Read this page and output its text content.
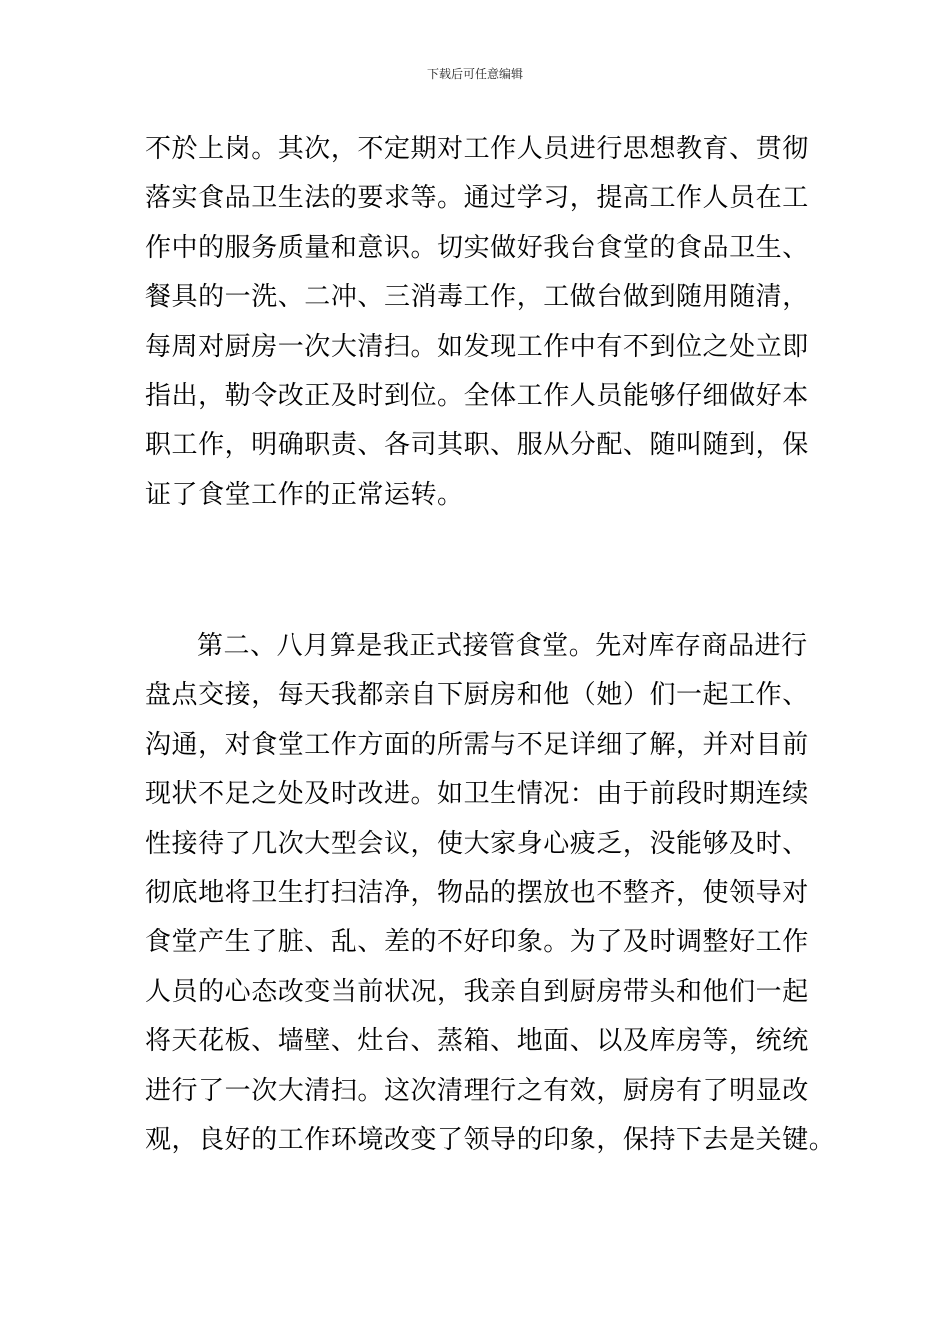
下载后可任意编辑
不於上岗。其次，不定期对工作人员进行思想教育、贯彻
落实食品卫生法的要求等。通过学习，提高工作人员在工
作中的服务质量和意识。切实做好我台食堂的食品卫生、
餐具的一洗、二冲、三消毒工作，工做台做到随用随清，
每周对厨房一次大清扫。如发现工作中有不到位之处立即
指出，勒令改正及时到位。全体工作人员能够仔细做好本
职工作，明确职责、各司其职、服从分配、随叫随到，保
证了食堂工作的正常运转。
第二、八月算是我正式接管食堂。先对库存商品进行
盘点交接，每天我都亲自下厨房和他（她）们一起工作、
沟通，对食堂工作方面的所需与不足详细了解，并对目前
现状不足之处及时改进。如卫生情况：由于前段时期连续
性接待了几次大型会议，使大家身心疲乏，没能够及时、
彻底地将卫生打扫洁净，物品的摆放也不整齐，使领导对
食堂产生了脏、乱、差的不好印象。为了及时调整好工作
人员的心态改变当前状况，我亲自到厨房带头和他们一起
将天花板、墙壁、灶台、蒸箱、地面、以及库房等，统统
进行了一次大清扫。这次清理行之有效，厨房有了明显改
观，良好的工作环境改变了领导的印象，保持下去是关键。
